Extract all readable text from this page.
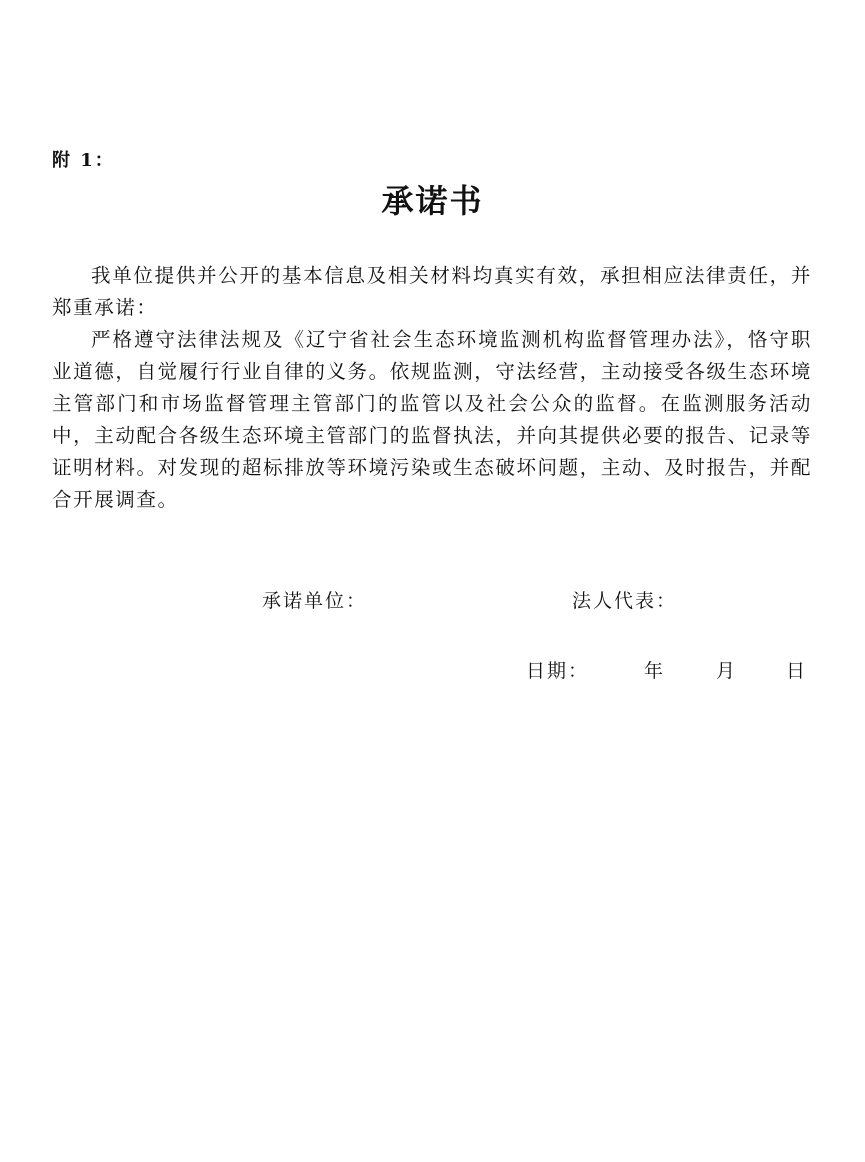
附 1：
承诺书

我单位提供并公开的基本信息及相关材料均真实有效，承担相应法律责任，并郑重承诺：

严格遵守法律法规及《辽宁省社会生态环境监测机构监督管理办法》，恪守职业道德，自觉履行行业自律的义务。依规监测，守法经营，主动接受各级生态环境主管部门和市场监督管理主管部门的监管以及社会公众的监督。在监测服务活动中，主动配合各级生态环境主管部门的监督执法，并向其提供必要的报告、记录等证明材料。对发现的超标排放等环境污染或生态破坏问题，主动、及时报告，并配合开展调查。

承诺单位：	法人代表：
日期：	年	月	日
